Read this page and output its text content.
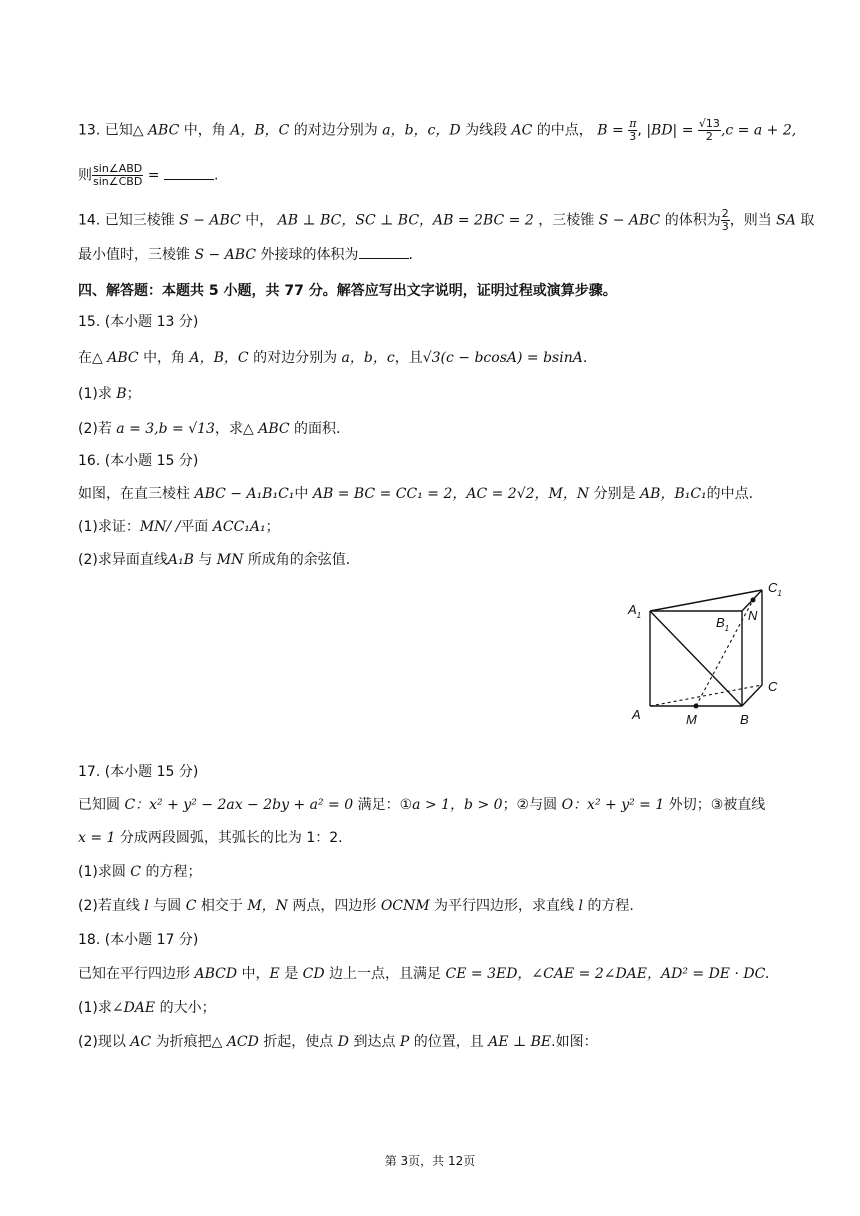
13. 已知△ ABC 中，角 A，B，C 的对边分别为 a，b，c，D 为线段 AC 的中点， $B = \frac{\pi}{3}$ , $|BD| = \frac{√13}{2} ,c = a + 2$,
则 $\frac{\text{sin∠ABD}}{\text{sin∠CBD}}$ =	.
14. 已知三棱锥 S − ABC 中， AB ⊥ BC，SC ⊥ BC，AB = 2BC = 2 ，三棱锥 S − ABC 的体积为 $\frac{2}{3}$ ，则当 SA 取
最小值时，三棱锥 S − ABC 外接球的体积为	.
四、解答题：本题共 5 小题，共 77 分。解答应写出文字说明，证明过程或演算步骤。
15. (本小题 13 分)
在△ ABC 中，角 A，B，C 的对边分别为 a，b，c，且√3(c − bcosA) = bsinA.
(1)求 B；
(2)若 a = 3,b = √13，求△ ABC 的面积.
16. (本小题 15 分)
如图，在直三棱柱 ABC − A₁B₁C₁中 AB = BC = CC₁ = 2，AC = 2√2，M，N 分别是 AB，B₁C₁的中点.
(1)求证：MN/ /平面 ACC₁A₁；
(2)求异面直线A₁B 与 MN 所成角的余弦值.
$A_1$
$C_1$
$B_1$
N
C
A	M	B
17. (本小题 15 分)
已知圆 C：x² + y² − 2ax − 2by + a² = 0 满足：①a > 1，b > 0；②与圆 O：x² + y² = 1 外切；③被直线
x = 1 分成两段圆弧，其弧长的比为 1：2.
(1)求圆 C 的方程；
(2)若直线 l 与圆 C 相交于 M，N 两点，四边形 OCNM 为平行四边形，求直线 l 的方程.
18. (本小题 17 分)
已知在平行四边形 ABCD 中，E 是 CD 边上一点，且满足 CE = 3ED，∠CAE = 2∠DAE，AD² = DE · DC.
(1)求∠DAE 的大小；
(2)现以 AC 为折痕把△ ACD 折起，使点 D 到达点 P 的位置，且 AE ⊥ BE.如图：
第 3页，共 12页
